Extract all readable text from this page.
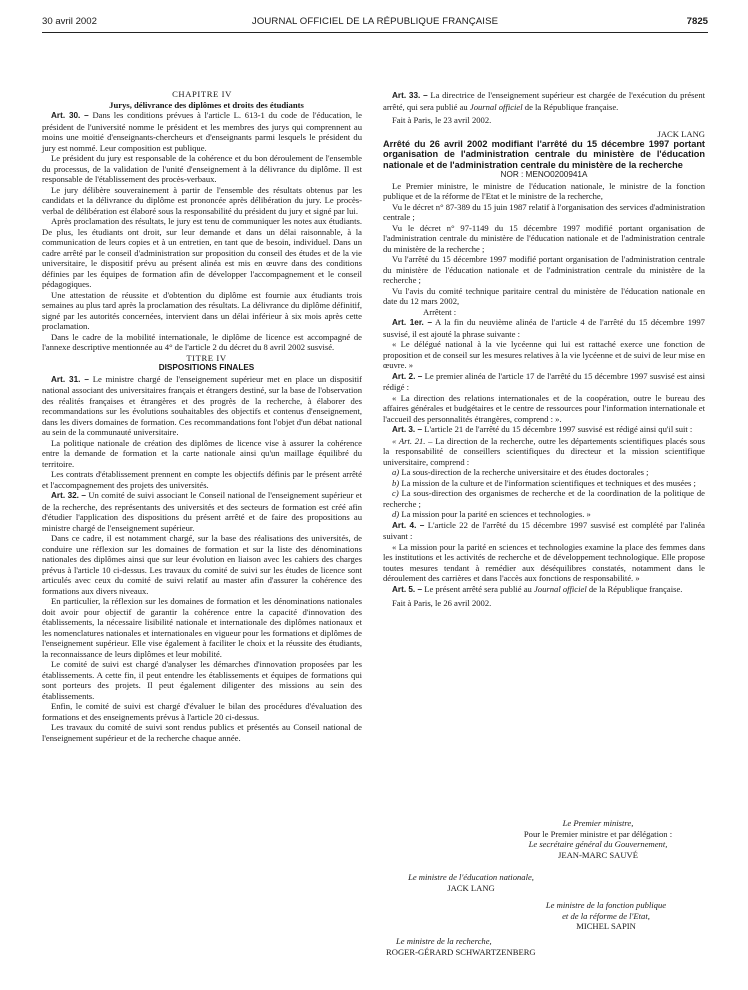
30 avril 2002	JOURNAL OFFICIEL DE LA RÉPUBLIQUE FRANÇAISE	7825

CHAPITRE IV

Jurys, délivrance des diplômes et droits des étudiants

Art. 30. – Dans les conditions prévues à l'article L. 613-1 du code de l'éducation, le président de l'université nomme le président et les membres des jurys qui comprennent au moins une moitié d'enseignants-chercheurs et d'enseignants parmi lesquels le président du jury est nommé. Leur composition est publique.

Le président du jury est responsable de la cohérence et du bon déroulement de l'ensemble du processus, de la validation de l'unité d'enseignement à la délivrance du diplôme. Il est responsable de l'établissement des procès-verbaux.

Le jury délibère souverainement à partir de l'ensemble des résultats obtenus par les candidats et la délivrance du diplôme est prononcée après délibération du jury. Le procès-verbal de délibération est élaboré sous la responsabilité du président du jury et signé par lui.

Après proclamation des résultats, le jury est tenu de communiquer les notes aux étudiants. De plus, les étudiants ont droit, sur leur demande et dans un délai raisonnable, à la communication de leurs copies et à un entretien, en tant que de besoin, individuel. Dans un cadre arrêté par le conseil d'administration sur proposition du conseil des études et de la vie universitaire, le dispositif prévu au présent alinéa est mis en œuvre dans des conditions définies par les équipes de formation afin de développer l'accompagnement et le conseil pédagogiques.

Une attestation de réussite et d'obtention du diplôme est fournie aux étudiants trois semaines au plus tard après la proclamation des résultats. La délivrance du diplôme définitif, signé par les autorités concernées, intervient dans un délai inférieur à six mois après cette proclamation.

Dans le cadre de la mobilité internationale, le diplôme de licence est accompagné de l'annexe descriptive mentionnée au 4° de l'article 2 du décret du 8 avril 2002 susvisé.

TITRE IV

DISPOSITIONS FINALES

Art. 31. – Le ministre chargé de l'enseignement supérieur met en place un dispositif national associant des universitaires français et étrangers destiné, sur la base de l'observation des réalités françaises et étrangères et des progrès de la recherche, à élaborer des recommandations sur les évolutions souhaitables des objectifs et contenus d'enseignement, dans les divers domaines de formation. Ces recommandations font l'objet d'un débat national au sein de la communauté universitaire.

La politique nationale de création des diplômes de licence vise à assurer la cohérence entre la demande de formation et la carte nationale ainsi qu'un maillage équilibré du territoire.

Les contrats d'établissement prennent en compte les objectifs définis par le présent arrêté et l'accompagnement des projets des universités.

Art. 32. – Un comité de suivi associant le Conseil national de l'enseignement supérieur et de la recherche, des représentants des universités et des secteurs de formation est créé afin d'étudier l'application des dispositions du présent arrêté et de faire des propositions au ministre chargé de l'enseignement supérieur.

Dans ce cadre, il est notamment chargé, sur la base des réalisations des universités, de conduire une réflexion sur les domaines de formation et sur la liste des dénominations nationales des diplômes ainsi que sur leur évolution en liaison avec les cahiers des charges prévus à l'article 10 ci-dessus. Les travaux du comité de suivi sur les études de licence sont articulés avec ceux du comité de suivi relatif au master afin d'assurer la cohérence des formations aux divers niveaux.

En particulier, la réflexion sur les domaines de formation et les dénominations nationales doit avoir pour objectif de garantir la cohérence entre la capacité d'innovation des établissements, la nécessaire lisibilité nationale et internationale des diplômes nationaux et les nomenclatures nationales et internationales en vigueur pour les formations et diplômes de l'enseignement supérieur. Elle vise également à faciliter le choix et la réussite des étudiants, la reconnaissance de leurs diplômes et leur mobilité.

Le comité de suivi est chargé d'analyser les démarches d'innovation proposées par les établissements. A cette fin, il peut entendre les établissements et équipes de formations qui sont porteurs des projets. Il peut également diligenter des missions au sein des établissements.

Enfin, le comité de suivi est chargé d'évaluer le bilan des procédures d'évaluation des formations et des enseignements prévus à l'article 20 ci-dessus.

Les travaux du comité de suivi sont rendus publics et présentés au Conseil national de l'enseignement supérieur et de la recherche chaque année.

Art. 33. – La directrice de l'enseignement supérieur est chargée de l'exécution du présent arrêté, qui sera publié au Journal officiel de la République française.

Fait à Paris, le 23 avril 2002.

JACK LANG

Arrêté du 26 avril 2002 modifiant l'arrêté du 15 décembre 1997 portant organisation de l'administration centrale du ministère de l'éducation nationale et de l'administration centrale du ministère de la recherche

NOR : MENO0200941A

Le Premier ministre, le ministre de l'éducation nationale, le ministre de la fonction publique et de la réforme de l'Etat et le ministre de la recherche,

Vu le décret n° 87-389 du 15 juin 1987 relatif à l'organisation des services d'administration centrale ;

Vu le décret n° 97-1149 du 15 décembre 1997 modifié portant organisation de l'administration centrale du ministère de l'éducation nationale et de l'administration centrale du ministère de la recherche ;

Vu l'arrêté du 15 décembre 1997 modifié portant organisation de l'administration centrale du ministère de l'éducation nationale et de l'administration centrale du ministère de la recherche ;

Vu l'avis du comité technique paritaire central du ministère de l'éducation nationale en date du 12 mars 2002,

Arrêtent :

Art. 1er. – A la fin du neuvième alinéa de l'article 4 de l'arrêté du 15 décembre 1997 susvisé, il est ajouté la phrase suivante :

« Le délégué national à la vie lycéenne qui lui est rattaché exerce une fonction de proposition et de conseil sur les mesures relatives à la vie lycéenne et de suivi de leur mise en œuvre. »

Art. 2. – Le premier alinéa de l'article 17 de l'arrêté du 15 décembre 1997 susvisé est ainsi rédigé :

« La direction des relations internationales et de la coopération, outre le bureau des affaires générales et budgétaires et le centre de ressources pour l'information internationale et l'accueil des personnalités étrangères, comprend : ».

Art. 3. – L'article 21 de l'arrêté du 15 décembre 1997 susvisé est rédigé ainsi qu'il suit :

« Art. 21. – La direction de la recherche, outre les départements scientifiques placés sous la responsabilité de conseillers scientifiques du directeur et la mission scientifique universitaire, comprend :

a) La sous-direction de la recherche universitaire et des études doctorales ;

b) La mission de la culture et de l'information scientifiques et techniques et des musées ;

c) La sous-direction des organismes de recherche et de la coordination de la politique de recherche ;

d) La mission pour la parité en sciences et technologies. »

Art. 4. – L'article 22 de l'arrêté du 15 décembre 1997 susvisé est complété par l'alinéa suivant :

« La mission pour la parité en sciences et technologies examine la place des femmes dans les institutions et les activités de recherche et de développement technologique. Elle propose toutes mesures tendant à remédier aux déséquilibres constatés, notamment dans le déroulement des carrières et dans l'accès aux fonctions de responsabilité. »

Art. 5. – Le présent arrêté sera publié au Journal officiel de la République française.

Fait à Paris, le 26 avril 2002.

Le Premier ministre,
Pour le Premier ministre et par délégation :
Le secrétaire général du Gouvernement,
JEAN-MARC SAUVÉ
Le ministre de l'éducation nationale,
JACK LANG
Le ministre de la fonction publique
et de la réforme de l'Etat,
MICHEL SAPIN
Le ministre de la recherche,
ROGER-GÉRARD SCHWARTZENBERG
